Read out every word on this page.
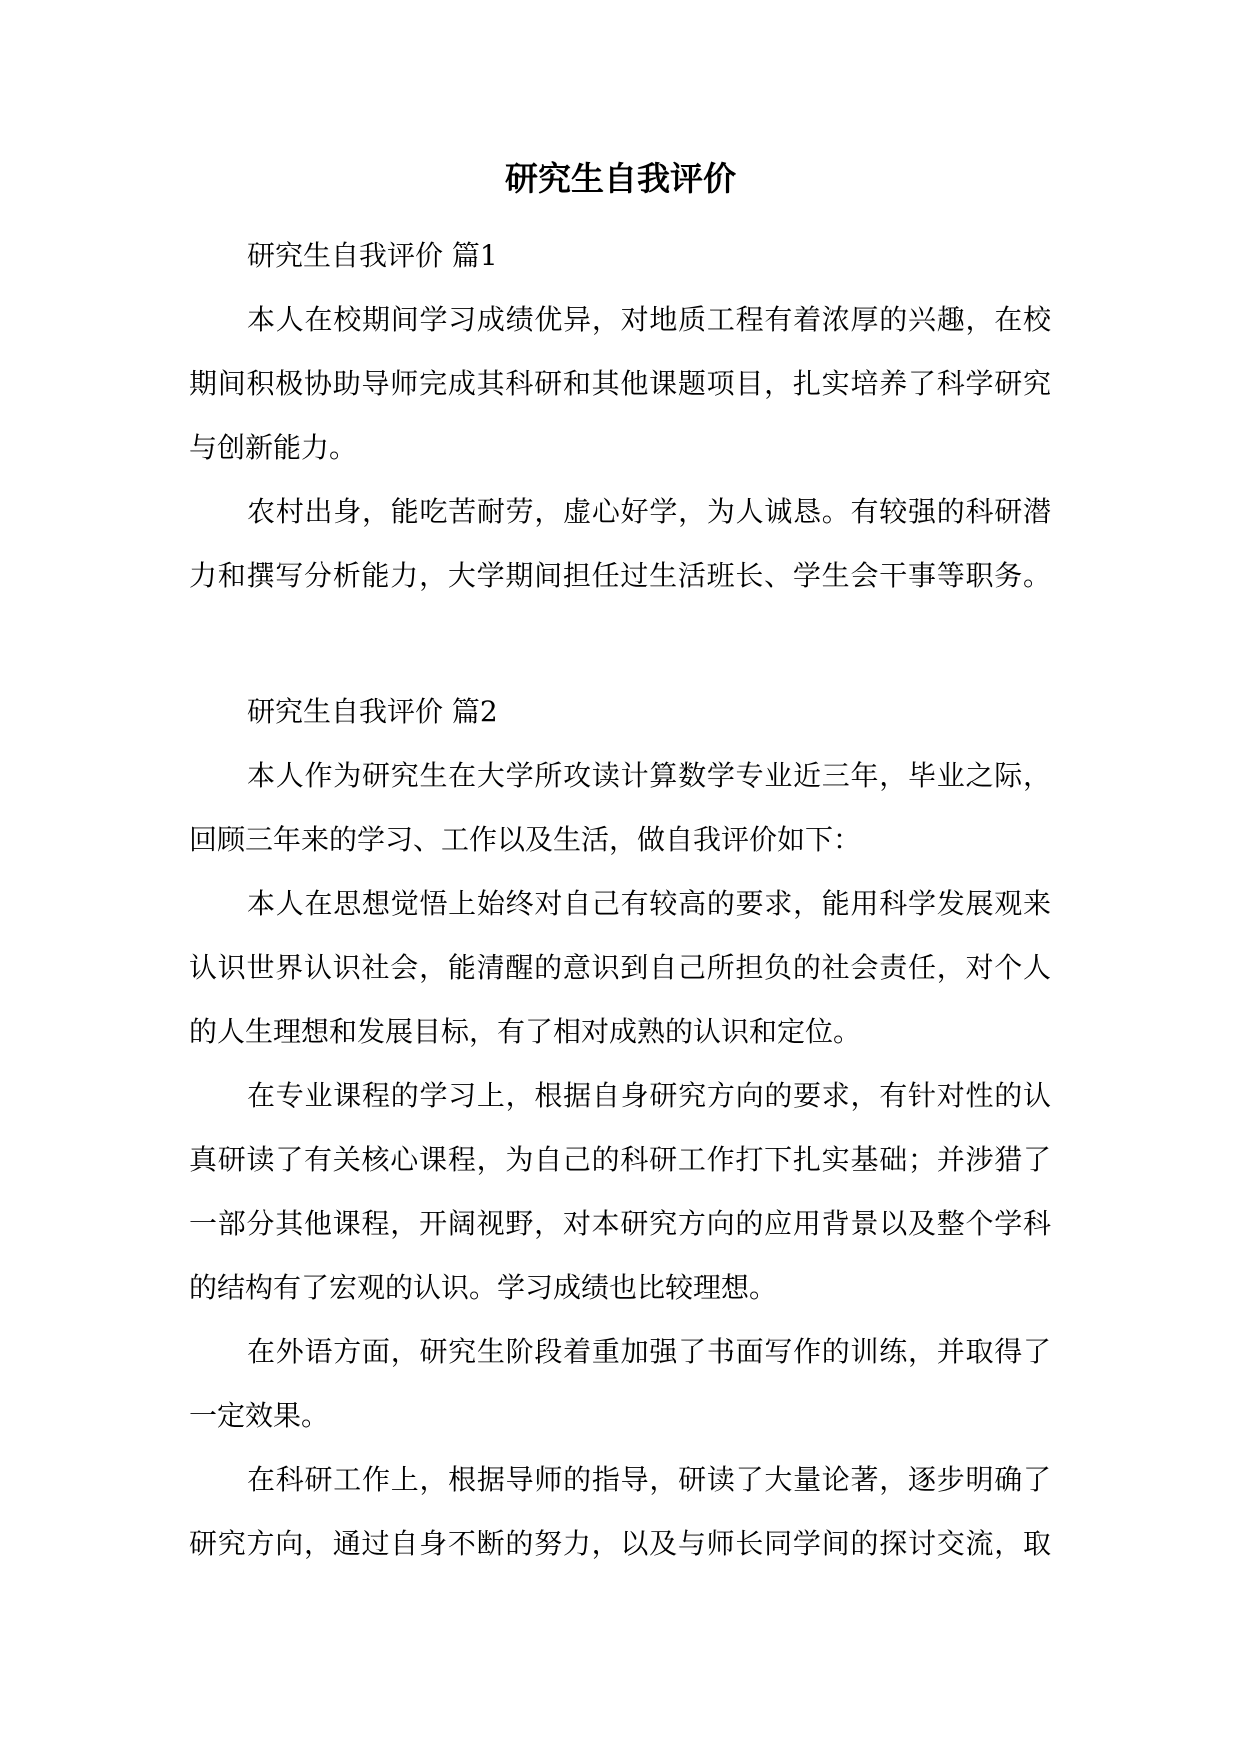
研究生自我评价
研究生自我评价 篇1
本人在校期间学习成绩优异，对地质工程有着浓厚的兴趣，在校
期间积极协助导师完成其科研和其他课题项目，扎实培养了科学研究
与创新能力。
农村出身，能吃苦耐劳，虚心好学，为人诚恳。有较强的科研潜
力和撰写分析能力，大学期间担任过生活班长、学生会干事等职务。
研究生自我评价 篇2
本人作为研究生在大学所攻读计算数学专业近三年，毕业之际，
回顾三年来的学习、工作以及生活，做自我评价如下：
本人在思想觉悟上始终对自己有较高的要求，能用科学发展观来
认识世界认识社会，能清醒的意识到自己所担负的社会责任，对个人
的人生理想和发展目标，有了相对成熟的认识和定位。
在专业课程的学习上，根据自身研究方向的要求，有针对性的认
真研读了有关核心课程，为自己的科研工作打下扎实基础；并涉猎了
一部分其他课程，开阔视野，对本研究方向的应用背景以及整个学科
的结构有了宏观的认识。学习成绩也比较理想。
在外语方面，研究生阶段着重加强了书面写作的训练，并取得了
一定效果。
在科研工作上，根据导师的指导，研读了大量论著，逐步明确了
研究方向，通过自身不断的努力，以及与师长同学间的探讨交流，取
